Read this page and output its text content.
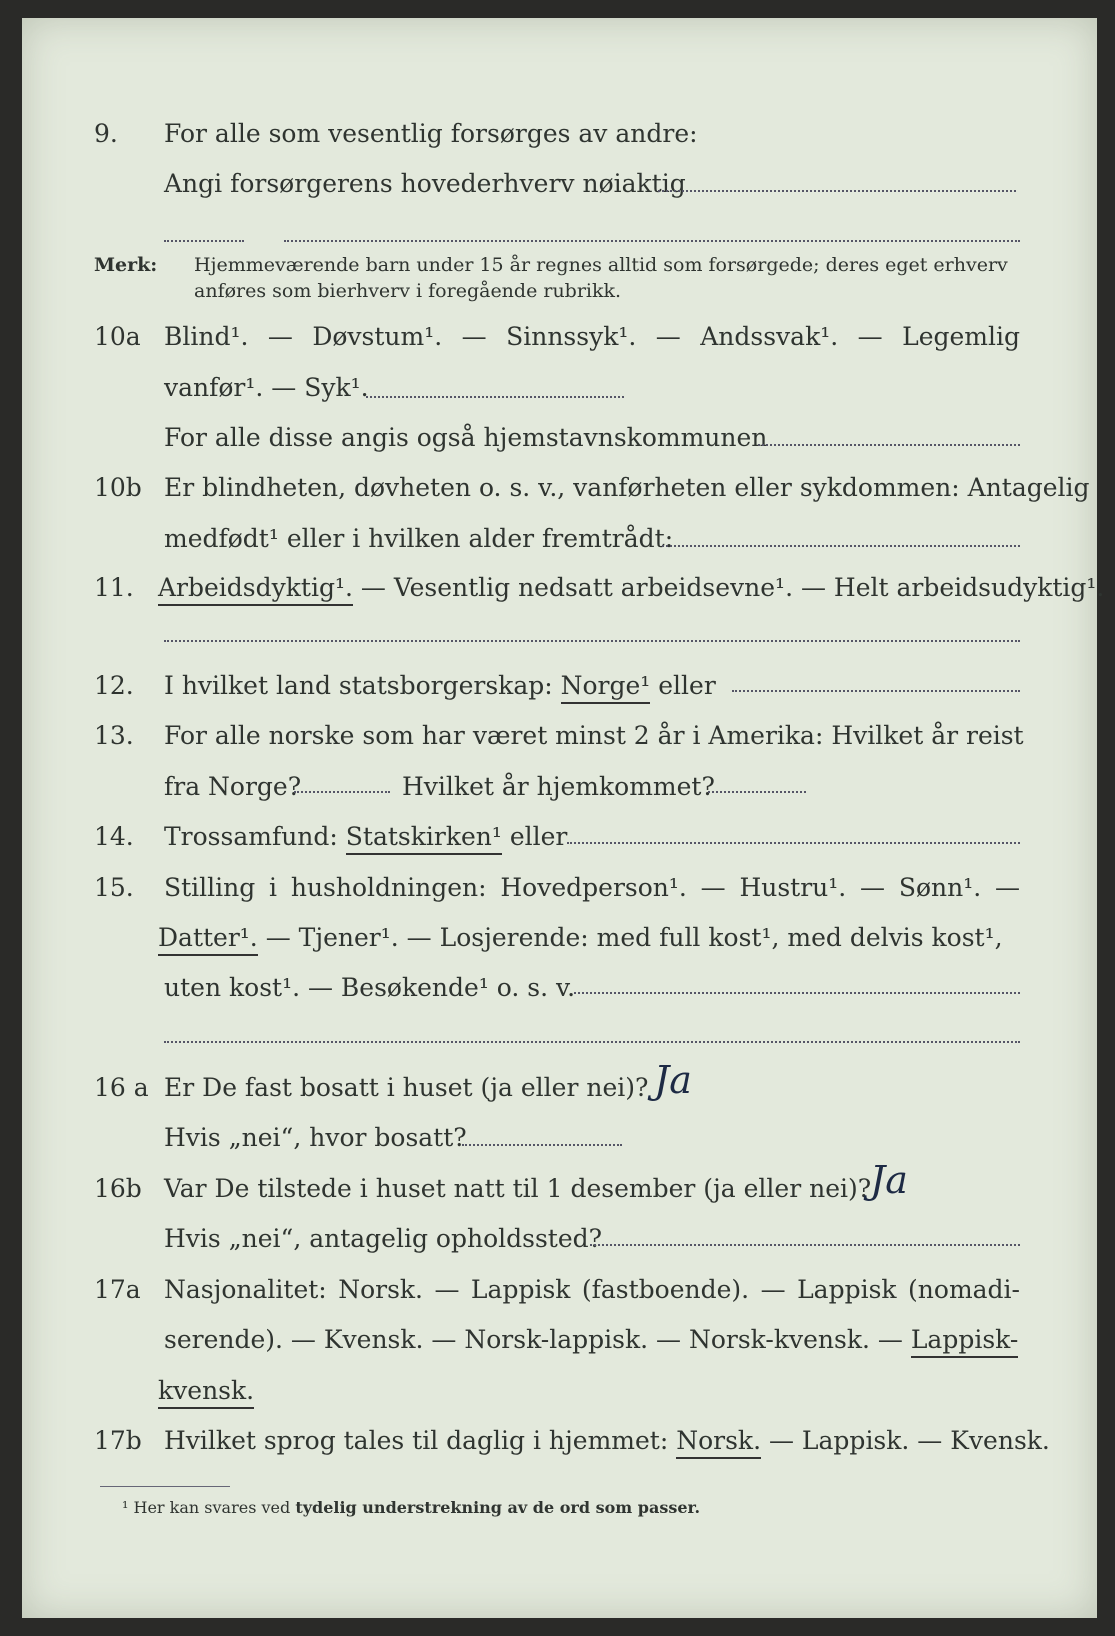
9. For alle som vesentlig forsørges av andre:
Angi forsørgerens hovederhverv nøiaktig
Merk: Hjemmeværende barn under 15 år regnes alltid som forsørgede; deres eget erhverv
anføres som bierhverv i foregående rubrikk.
10a Blind¹. — Døvstum¹. — Sinnssyk¹. — Andssvak¹. — Legemlig
vanfør¹. — Syk¹.
For alle disse angis også hjemstavnskommunen
10b Er blindheten, døvheten o. s. v., vanførheten eller sykdommen: Antagelig
medfødt¹ eller i hvilken alder fremtrådt:
11. Arbeidsdyktig¹. — Vesentlig nedsatt arbeidsevne¹. — Helt arbeidsudyktig¹.
12. I hvilket land statsborgerskap: Norge¹ eller
13. For alle norske som har været minst 2 år i Amerika: Hvilket år reist
fra Norge?	Hvilket år hjemkommet?
14. Trossamfund: Statskirken¹ eller
15. Stilling i husholdningen: Hovedperson¹. — Hustru¹. — Sønn¹. —
Datter¹. — Tjener¹. — Losjerende: med full kost¹, med delvis kost¹,
uten kost¹. — Besøkende¹ o. s. v.
16 a Er De fast bosatt i huset (ja eller nei)? Ja
Hvis „nei“, hvor bosatt?
16b Var De tilstede i huset natt til 1 desember (ja eller nei)?
Ja
Hvis „nei“, antagelig opholdssted?
17a Nasjonalitet: Norsk. — Lappisk (fastboende). — Lappisk (nomadi-
serende). — Kvensk. — Norsk-lappisk. — Norsk-kvensk. — Lappisk-
kvensk.
17b Hvilket sprog tales til daglig i hjemmet: Norsk. — Lappisk. — Kvensk.
¹ Her kan svares ved tydelig understrekning av de ord som passer.
